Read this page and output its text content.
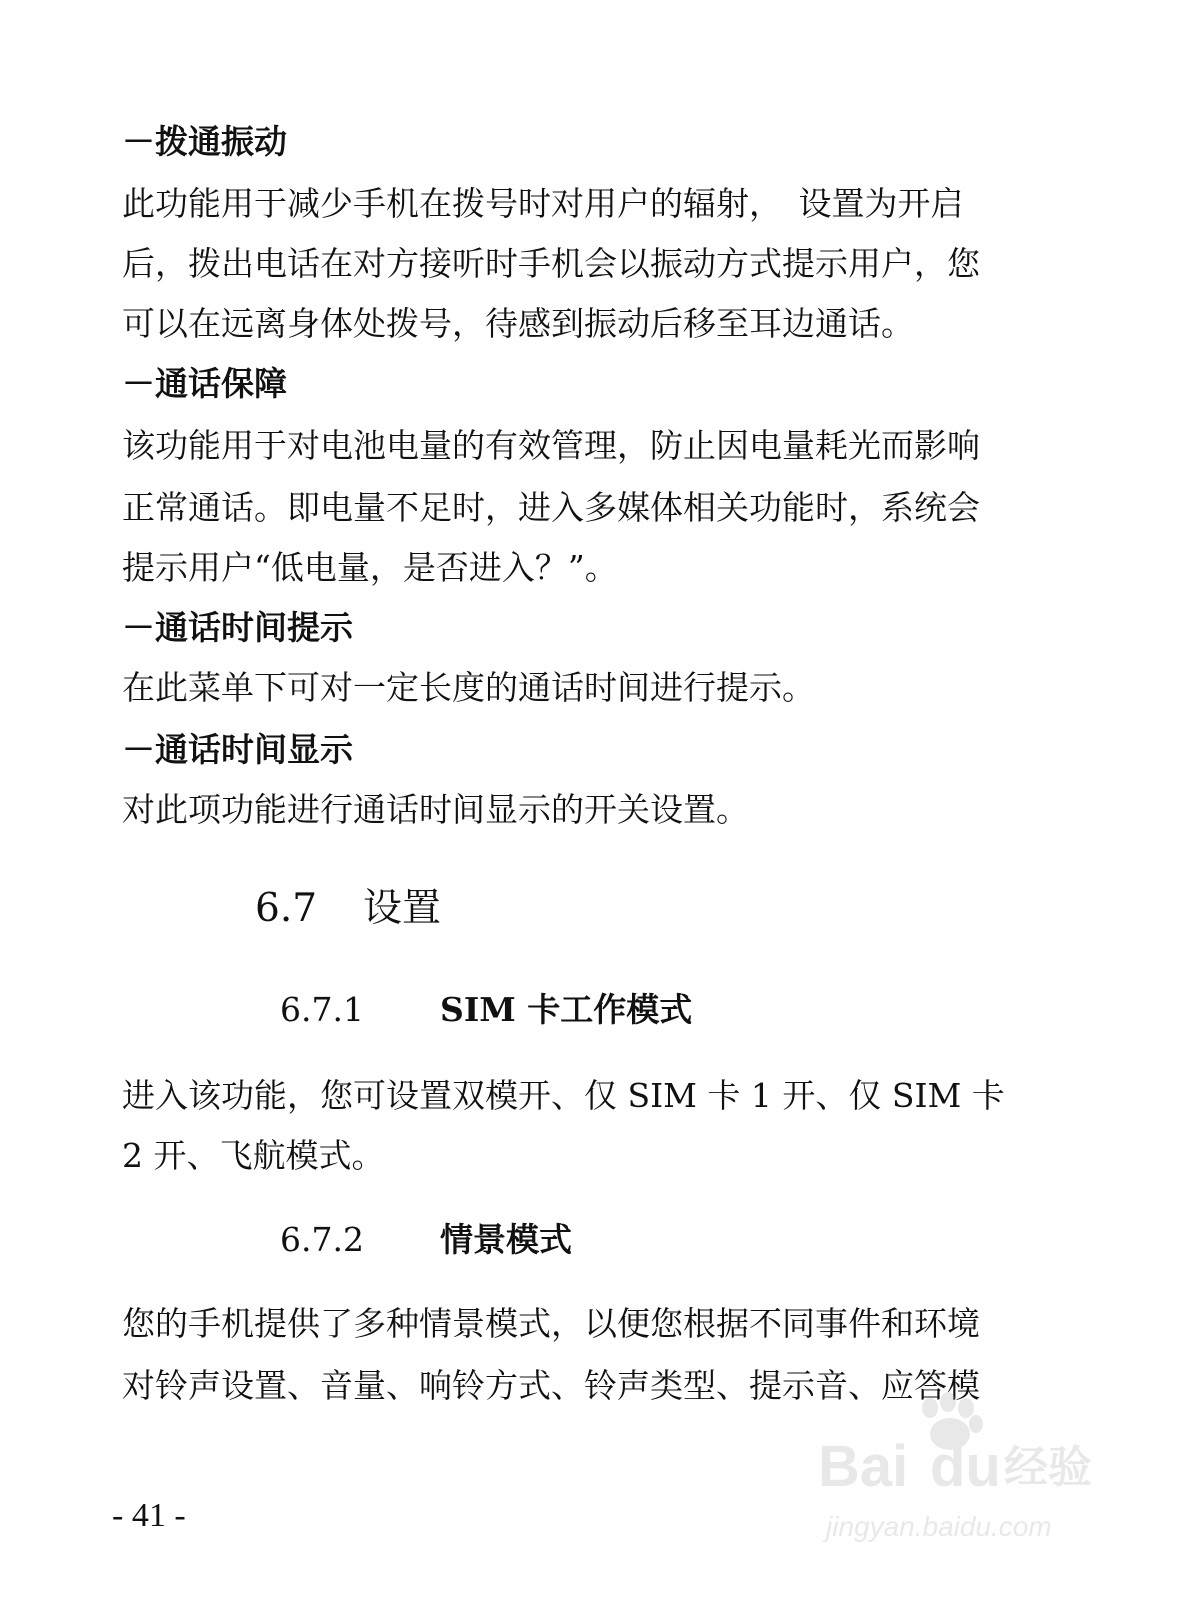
－拨通振动
此功能用于减少手机在拨号时对用户的辐射，　设置为开启
后，拨出电话在对方接听时手机会以振动方式提示用户，您
可以在远离身体处拨号，待感到振动后移至耳边通话。
－通话保障
该功能用于对电池电量的有效管理，防止因电量耗光而影响
正常通话。即电量不足时，进入多媒体相关功能时，系统会
提示用户“低电量，是否进入？”。
－通话时间提示
在此菜单下可对一定长度的通话时间进行提示。
－通话时间显示
对此项功能进行通话时间显示的开关设置。
6.7 设置
6.7.1 SIM 卡工作模式
进入该功能，您可设置双模开、仅 SIM 卡 1 开、仅 SIM 卡
2 开、飞航模式。
6.7.2 情景模式
您的手机提供了多种情景模式，以便您根据不同事件和环境
对铃声设置、音量、响铃方式、铃声类型、提示音、应答模
- 41 -
Bai du 经验
jingyan.baidu.com
